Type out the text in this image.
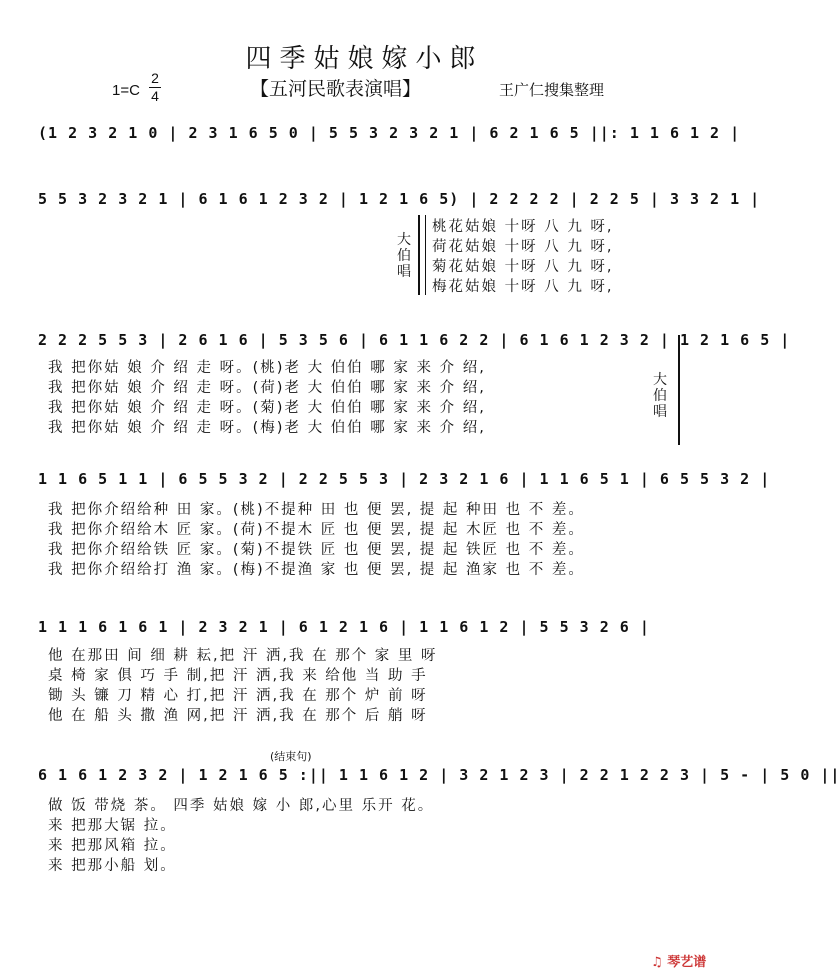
四季姑娘嫁小郎
1=C
2
4	【五河民歌表演唱】	王广仁搜集整理
(1 2 3 2 1 0 | 2 3 1 6 5 0 | 5 5 3 2 3 2 1 | 6 2 1 6 5 ||: 1 1 6 1 2 |
5 5 3 2 3 2 1 | 6 1 6 1 2 3 2 | 1 2 1 6 5) | 2 2 2 2 | 2 2 5 | 3 3 2 1 |
2 2 2 5 5 3 | 2 6 1 6 | 5 3 5 6 | 6 1 1 6 2 2 | 6 1 6 1 2 3 2 | 1 2 1 6 5 |
1 1 6 5 1 1 | 6 5 5 3 2 | 2 2 5 5 3 | 2 3 2 1 6 | 1 1 6 5 1 | 6 5 5 3 2 |
1 1 1 6 1 6 1 | 2 3 2 1 | 6 1 2 1 6 | 1 1 6 1 2 | 5 5 3 2 6 |
6 1 6 1 2 3 2 | 1 2 1 6 5 :|| 1 1 6 1 2 | 3 2 1 2 3 | 2 2 1 2 2 3 | 5 - | 5 0 ||
大伯唱
桃花姑娘 十呀 八 九 呀,
荷花姑娘 十呀 八 九 呀,
菊花姑娘 十呀 八 九 呀,
梅花姑娘 十呀 八 九 呀,
我 把你姑 娘 介 绍 走 呀。(桃)老 大 伯伯 哪 家 来 介 绍,
我 把你姑 娘 介 绍 走 呀。(荷)老 大 伯伯 哪 家 来 介 绍,
我 把你姑 娘 介 绍 走 呀。(菊)老 大 伯伯 哪 家 来 介 绍,
我 把你姑 娘 介 绍 走 呀。(梅)老 大 伯伯 哪 家 来 介 绍,
大伯唱
我 把你介绍给种 田 家。(桃)不提种 田 也 便 罢, 提 起 种田 也 不 差。
我 把你介绍给木 匠 家。(荷)不提木 匠 也 便 罢, 提 起 木匠 也 不 差。
我 把你介绍给铁 匠 家。(菊)不提铁 匠 也 便 罢, 提 起 铁匠 也 不 差。
我 把你介绍给打 渔 家。(梅)不提渔 家 也 便 罢, 提 起 渔家 也 不 差。
他 在那田 间 细 耕 耘,把 汗 洒,我 在 那个 家 里 呀
桌 椅 家 俱 巧 手 制,把 汗 洒,我 来 给他 当 助 手
锄 头 镰 刀 精 心 打,把 汗 洒,我 在 那个 炉 前 呀
他 在 船 头 撒 渔 网,把 汗 洒,我 在 那个 后 艄 呀
(结束句)
做 饭 带烧 茶。 四季 姑娘 嫁 小 郎,心里 乐开 花。
来 把那大锯 拉。
来 把那风箱 拉。
来 把那小船 划。
♫ 琴艺谱
